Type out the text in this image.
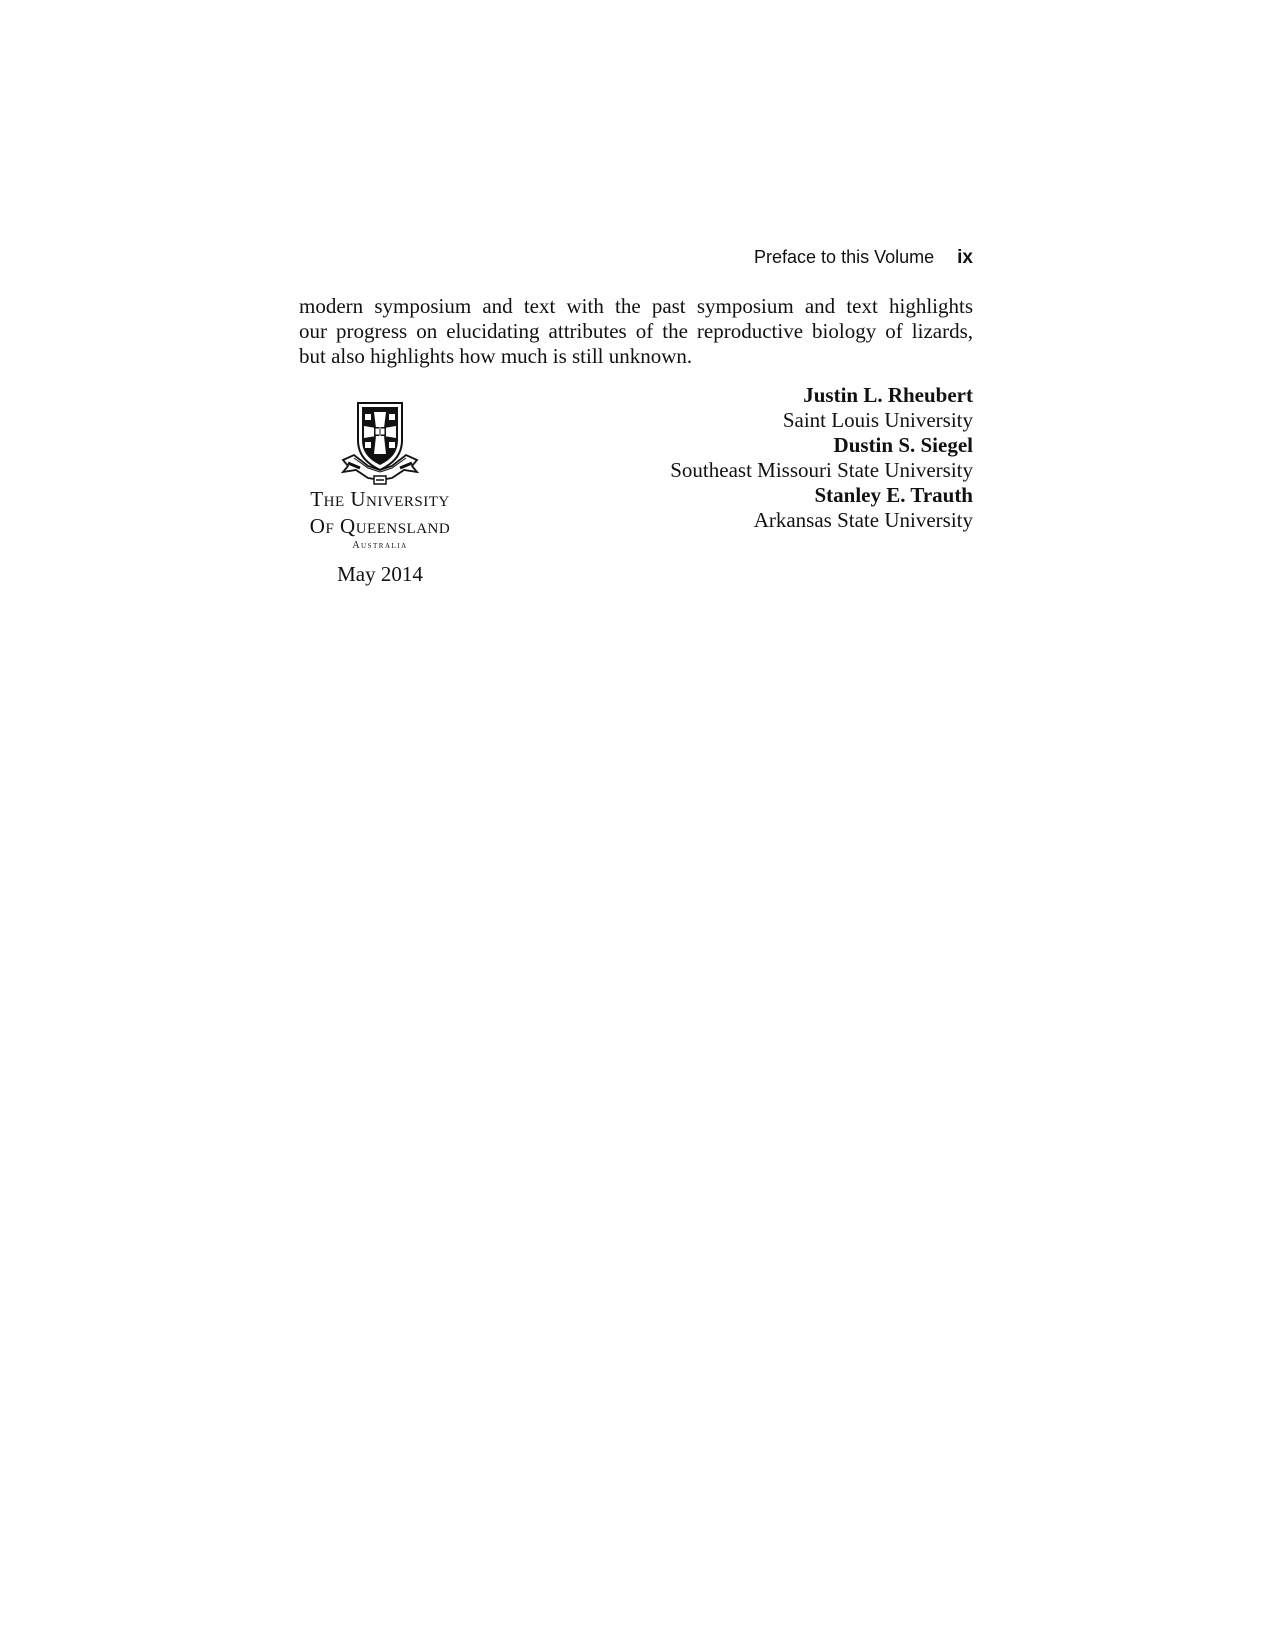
Preface to this Volume ix

modern symposium and text with the past symposium and text highlights
our progress on elucidating attributes of the reproductive biology of lizards,
but also highlights how much is still unknown.

Justin L. Rheubert
Saint Louis University
Dustin S. Siegel
Southeast Missouri State University
Stanley E. Trauth
Arkansas State University
The University
Of Queensland
Australia
May 2014
